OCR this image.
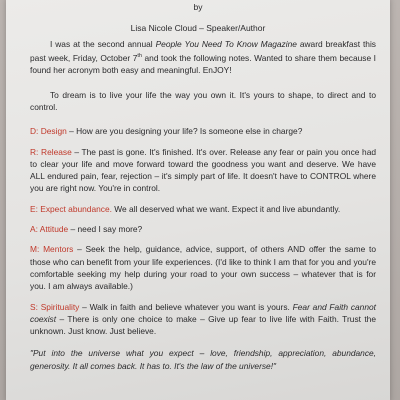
by
Lisa Nicole Cloud – Speaker/Author

I was at the second annual People You Need To Know Magazine award breakfast this past week, Friday, October 7th and took the following notes. Wanted to share them because I found her acronym both easy and meaningful. EnJOY!

To dream is to live your life the way you own it. It's yours to shape, to direct and to control.

D: Design – How are you designing your life? Is someone else in charge?

R: Release – The past is gone. It's finished. It's over. Release any fear or pain you once had to clear your life and move forward toward the goodness you want and deserve. We have ALL endured pain, fear, rejection – it's simply part of life. It doesn't have to CONTROL where you are right now. You're in control.

E: Expect abundance. We all deserved what we want. Expect it and live abundantly.

A: Attitude – need I say more?

M: Mentors – Seek the help, guidance, advice, support, of others AND offer the same to those who can benefit from your life experiences. (I'd like to think I am that for you and you're comfortable seeking my help during your road to your own success – whatever that is for you. I am always available.)

S: Spirituality – Walk in faith and believe whatever you want is yours. Fear and Faith cannot coexist – There is only one choice to make – Give up fear to live life with Faith. Trust the unknown. Just know. Just believe.

"Put into the universe what you expect – love, friendship, appreciation, abundance, generosity. It all comes back. It has to. It's the law of the universe!"
